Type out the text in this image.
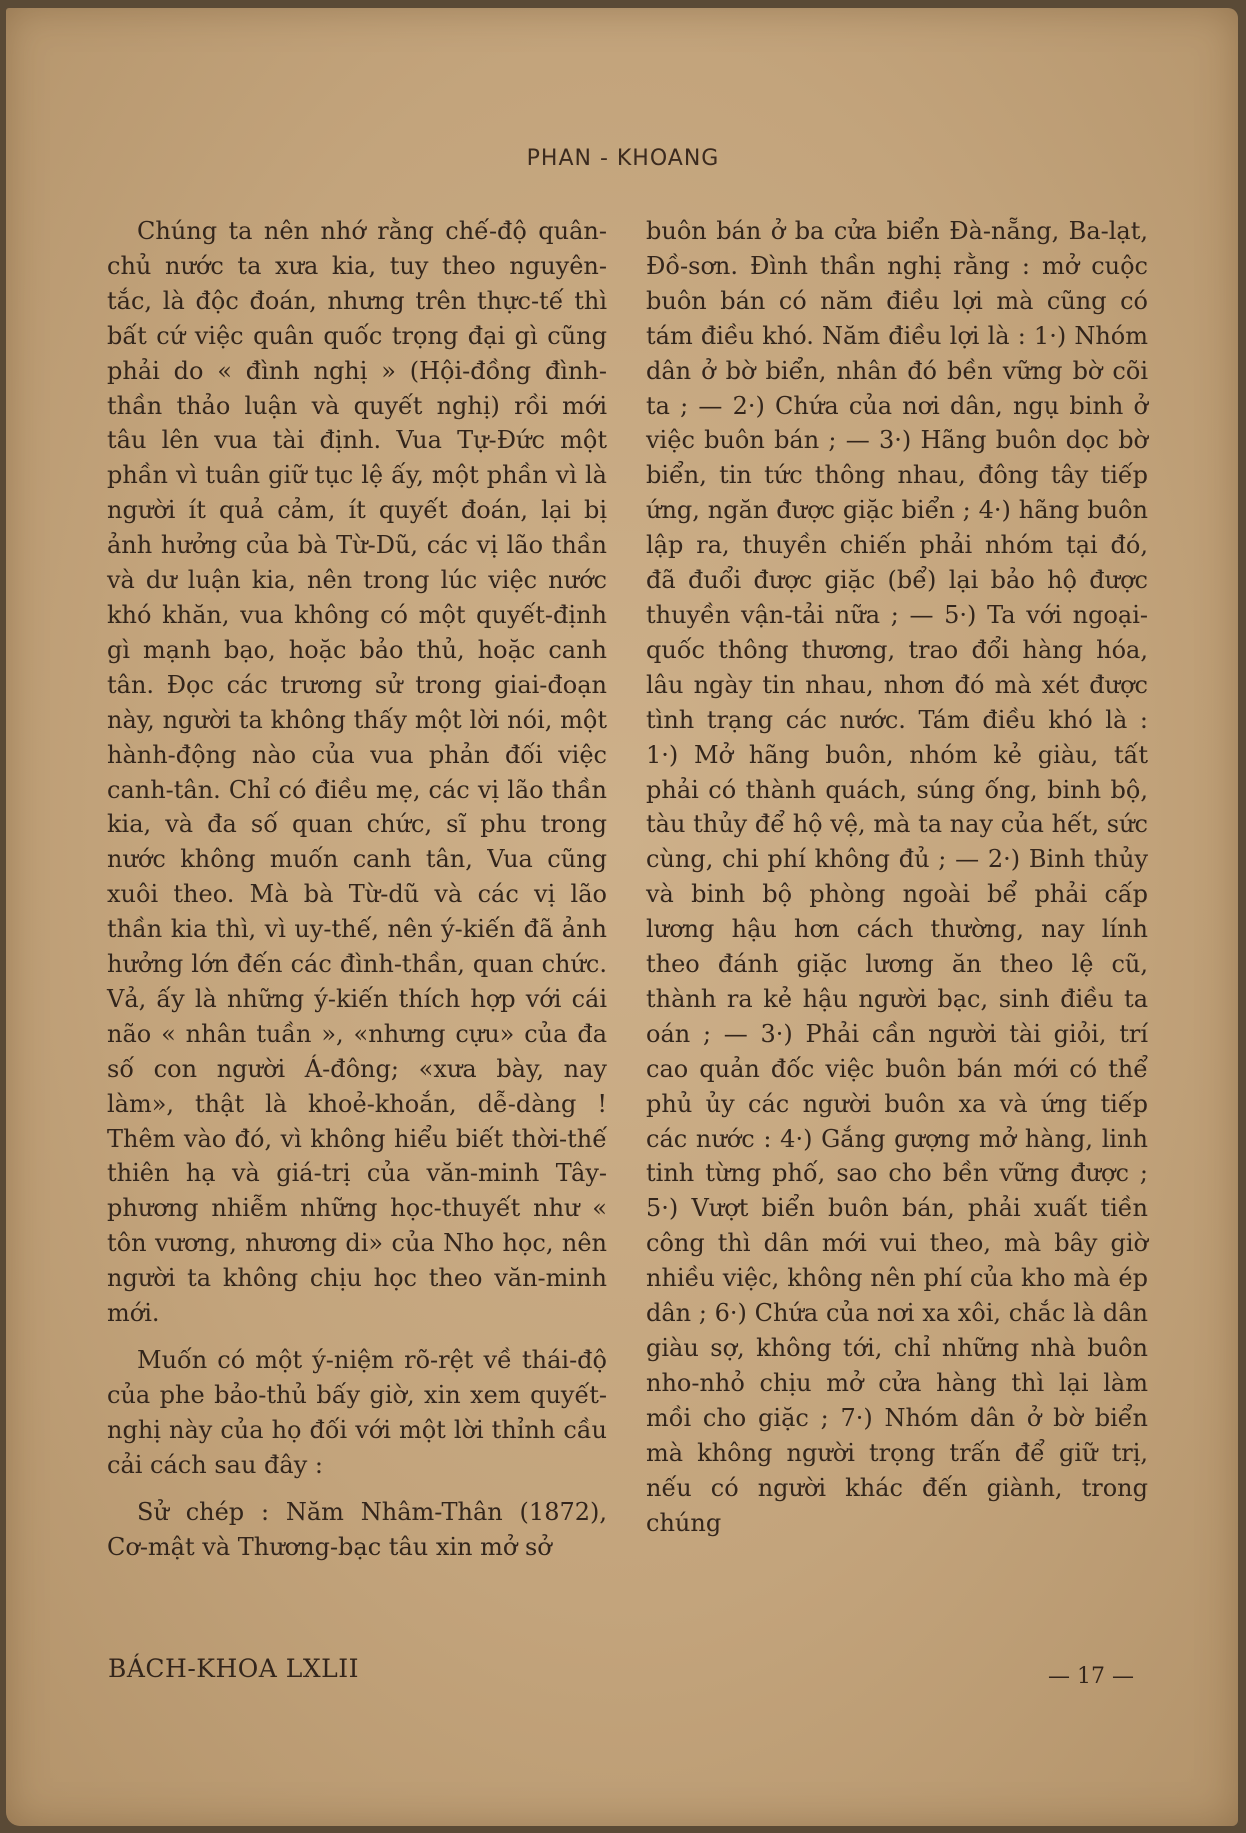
PHAN - KHOANG

Chúng ta nên nhớ rằng chế-độ quân-chủ nước ta xưa kia, tuy theo nguyên-tắc, là độc đoán, nhưng trên thực-tế thì bất cứ việc quân quốc trọng đại gì cũng phải do « đình nghị » (Hội-đồng đình-thần thảo luận và quyết nghị) rồi mới tâu lên vua tài định. Vua Tự-Đức một phần vì tuân giữ tục lệ ấy, một phần vì là người ít quả cảm, ít quyết đoán, lại bị ảnh hưởng của bà Từ-Dũ, các vị lão thần và dư luận kia, nên trong lúc việc nước khó khăn, vua không có một quyết-định gì mạnh bạo, hoặc bảo thủ, hoặc canh tân. Đọc các trương sử trong giai-đoạn này, người ta không thấy một lời nói, một hành-động nào của vua phản đối việc canh-tân. Chỉ có điều mẹ, các vị lão thần kia, và đa số quan chức, sĩ phu trong nước không muốn canh tân, Vua cũng xuôi theo. Mà bà Từ-dũ và các vị lão thần kia thì, vì uy-thế, nên ý-kiến đã ảnh hưởng lớn đến các đình-thần, quan chức. Vả, ấy là những ý-kiến thích hợp với cái não « nhân tuần », «nhưng cựu» của đa số con người Á-đông; «xưa bày, nay làm», thật là khoẻ-khoắn, dễ-dàng ! Thêm vào đó, vì không hiểu biết thời-thế thiên hạ và giá-trị của văn-minh Tây-phương nhiễm những học-thuyết như « tôn vương, nhương di» của Nho học, nên người ta không chịu học theo văn-minh mới.

Muốn có một ý-niệm rõ-rệt về thái-độ của phe bảo-thủ bấy giờ, xin xem quyết-nghị này của họ đối với một lời thỉnh cầu cải cách sau đây :

Sử chép : Năm Nhâm-Thân (1872), Cơ-mật và Thương-bạc tâu xin mở sở

buôn bán ở ba cửa biển Đà-nẵng, Ba-lạt, Đồ-sơn. Đình thần nghị rằng : mở cuộc buôn bán có năm điều lợi mà cũng có tám điều khó. Năm điều lợi là : 1·) Nhóm dân ở bờ biển, nhân đó bền vững bờ cõi ta ; — 2·) Chứa của nơi dân, ngụ binh ở việc buôn bán ; — 3·) Hãng buôn dọc bờ biển, tin tức thông nhau, đông tây tiếp ứng, ngăn được giặc biển ; 4·) hãng buôn lập ra, thuyền chiến phải nhóm tại đó, đã đuổi được giặc (bể) lại bảo hộ được thuyền vận-tải nữa ; — 5·) Ta với ngoại-quốc thông thương, trao đổi hàng hóa, lâu ngày tin nhau, nhơn đó mà xét được tình trạng các nước. Tám điều khó là : 1·) Mở hãng buôn, nhóm kẻ giàu, tất phải có thành quách, súng ống, binh bộ, tàu thủy để hộ vệ, mà ta nay của hết, sức cùng, chi phí không đủ ; — 2·) Binh thủy và binh bộ phòng ngoài bể phải cấp lương hậu hơn cách thường, nay lính theo đánh giặc lương ăn theo lệ cũ, thành ra kẻ hậu người bạc, sinh điều ta oán ; — 3·) Phải cần người tài giỏi, trí cao quản đốc việc buôn bán mới có thể phủ ủy các người buôn xa và ứng tiếp các nước : 4·) Gắng gượng mở hàng, linh tinh từng phố, sao cho bền vững được ; 5·) Vượt biển buôn bán, phải xuất tiền công thì dân mới vui theo, mà bây giờ nhiều việc, không nên phí của kho mà ép dân ; 6·) Chứa của nơi xa xôi, chắc là dân giàu sợ, không tới, chỉ những nhà buôn nho-nhỏ chịu mở cửa hàng thì lại làm mồi cho giặc ; 7·) Nhóm dân ở bờ biển mà không người trọng trấn để giữ trị, nếu có người khác đến giành, trong chúng

BÁCH-KHOA LXLII	— 17 —
